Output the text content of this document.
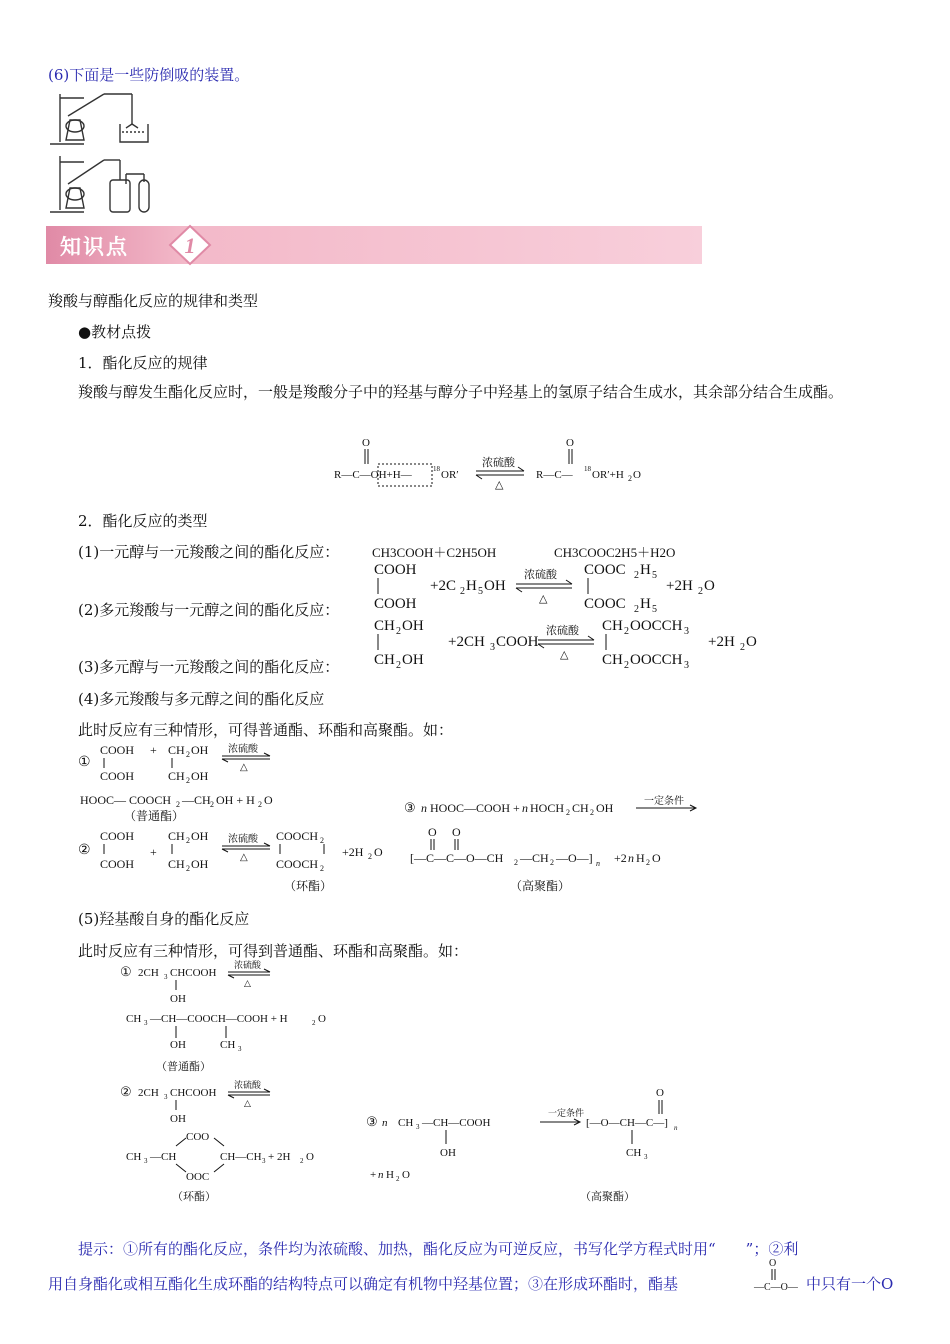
(6)下面是一些防倒吸的装置。
知识点	1
羧酸与醇酯化反应的规律和类型
●教材点拨
1．酯化反应的规律
羧酸与醇发生酯化反应时，一般是羧酸分子中的羟基与醇分子中羟基上的氢原子结合生成水，其余部分结合生成酯。
O
R—C—OH+H—	18 OR′
浓硫酸
△
O
R—C— 18 OR′+H 2 O
2．酯化反应的类型
(1)一元醇与一元羧酸之间的酯化反应：	CH3COOH＋C2H5OH	CH3COOC2H5＋H2O
(2)多元羧酸与一元醇之间的酯化反应：
COOH
COOH
+2C 2 H 5 OH
浓硫酸
△
COOC 2 H 5
COOC 2 H 5
+2H 2 O
(3)多元醇与一元羧酸之间的酯化反应：
CH 2 OH
CH 2 OH
+2CH 3 COOH
浓硫酸
△
CH 2 OOCCH 3
CH 2 OOCCH 3
+2H 2 O
(4)多元羧酸与多元醇之间的酯化反应
此时反应有三种情形，可得普通酯、环酯和高聚酯。如：
①
COOH
COOH
+ CH 2 OH
CH 2 OH
浓硫酸
△
HOOC— COOCH 2 —CH 2 OH + H 2 O
（普通酯）
②
COOH
COOH
+
CH 2 OH
CH 2 OH
浓硫酸
△
COOCH 2
COOCH 2
+2H 2 O
（环酯）
③ n HOOC—COOH + n HOCH 2 CH 2 OH	一定条件
O O
[—C—C—O—CH 2 —CH 2 —O—] n +2 n H 2 O
（高聚酯）
(5)羟基酸自身的酯化反应
此时反应有三种情形，可得到普通酯、环酯和高聚酯。如：
① 2CH 3 CHCOOH
浓硫酸
△
OH
CH 3 —CH—COOCH—COOH + H	2 O
OH	CH 3
（普通酯）
② 2CH 3 CHCOOH
浓硫酸
△
OH
COO
CH 3 —CH
OOC
CH—CH 3 + 2H 2 O
（环酯）
③ n CH 3 —CH—COOH
OH
一定条件
O
[—O—CH—C—] n
CH 3
+ n H 2 O
（高聚酯）
提示：①所有的酯化反应，条件均为浓硫酸、加热，酯化反应为可逆反应，书写化学方程式时用“　　”；②利
用自身酯化或相互酯化生成环酯的结构特点可以确定有机物中羟基位置；③在形成环酯时，酯基
O
—C—O— 中只有一个O
